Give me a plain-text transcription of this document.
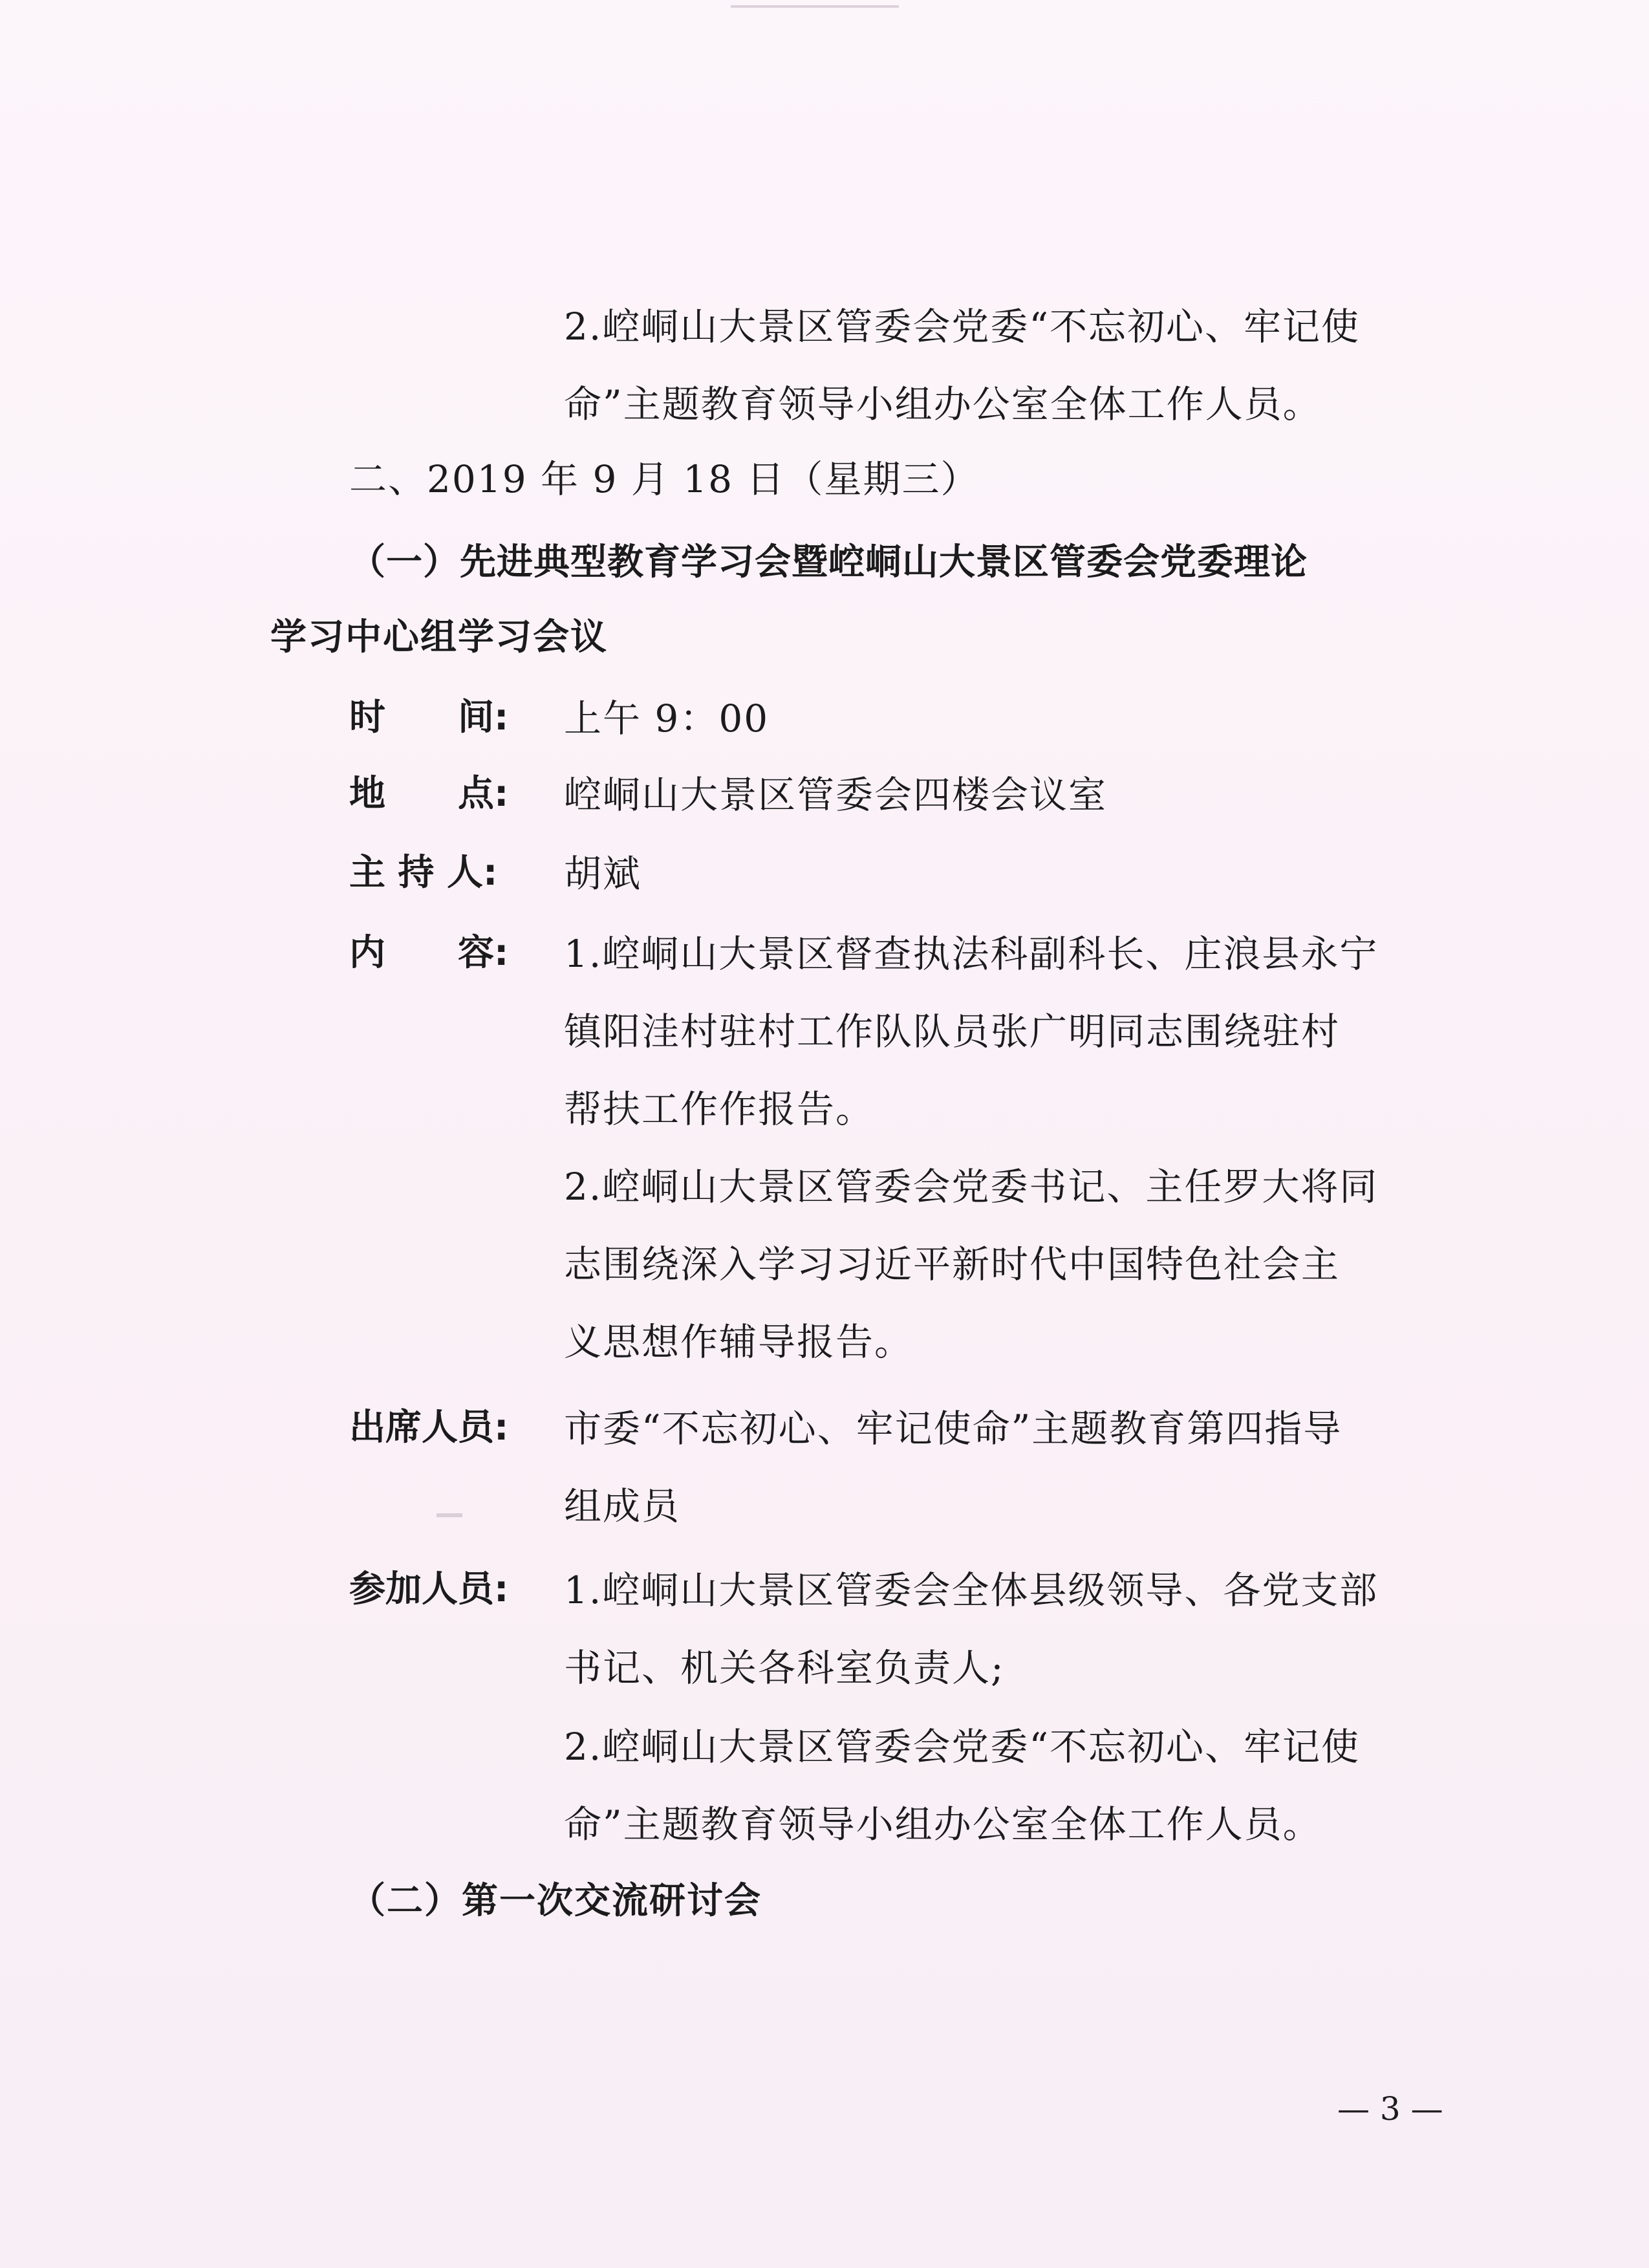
2.崆峒山大景区管委会党委“不忘初心、牢记使
命”主题教育领导小组办公室全体工作人员。
二、2019 年 9 月 18 日（星期三）
（一）先进典型教育学习会暨崆峒山大景区管委会党委理论
学习中心组学习会议
时　　间: 上午 9：00
地　　点: 崆峒山大景区管委会四楼会议室
主 持 人: 胡斌
内　　容: 1.崆峒山大景区督查执法科副科长、庄浪县永宁
镇阳洼村驻村工作队队员张广明同志围绕驻村
帮扶工作作报告。
2.崆峒山大景区管委会党委书记、主任罗大将同
志围绕深入学习习近平新时代中国特色社会主
义思想作辅导报告。
出席人员: 市委“不忘初心、牢记使命”主题教育第四指导
组成员
参加人员: 1.崆峒山大景区管委会全体县级领导、各党支部
书记、机关各科室负责人;
2.崆峒山大景区管委会党委“不忘初心、牢记使
命”主题教育领导小组办公室全体工作人员。
（二）第一次交流研讨会
— 3 —
